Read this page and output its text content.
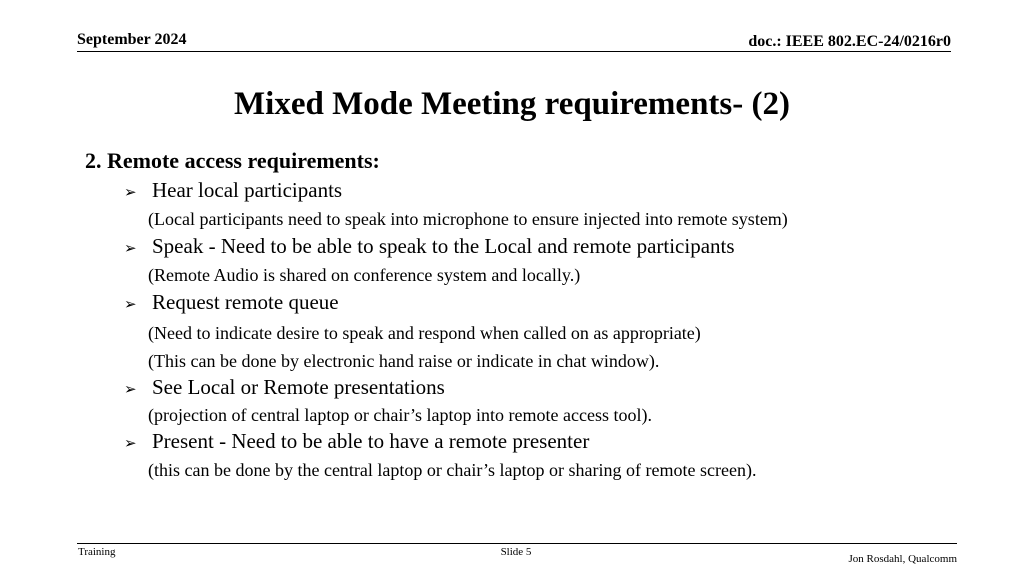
September 2024	doc.: IEEE 802.EC-24/0216r0
Mixed Mode Meeting requirements- (2)
2. Remote access requirements:
➢ Hear local participants
(Local participants need to speak into microphone to ensure injected into remote system)
➢ Speak - Need to be able to speak to the Local and remote participants
(Remote Audio is shared on conference system and locally.)
➢ Request remote queue
(Need to indicate desire to speak and respond when called on as appropriate)
(This can be done by electronic hand raise or indicate in chat window).
➢ See Local or Remote presentations
(projection of central laptop or chair’s laptop into remote access tool).
➢ Present - Need to be able to have a remote presenter
(this can be done by the central laptop or chair’s laptop or sharing of remote screen).
Training	Slide 5
Jon Rosdahl, Qualcomm
